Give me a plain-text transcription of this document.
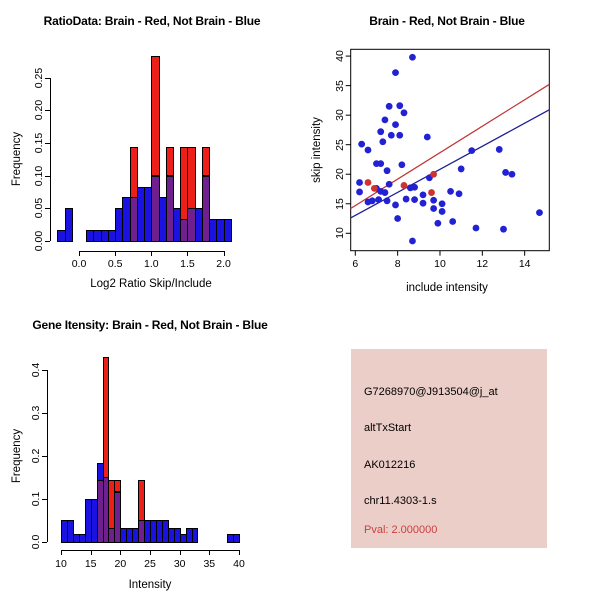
RatioData: Brain - Red, Not Brain - Blue
Frequency
Log2 Ratio Skip/Include
0.00
0.05
0.10
0.15
0.20
0.25
0.0	0.5	1.0	1.5	2.0
Brain - Red, Not Brain - Blue
skip intensity
include intensity
6	8	10	12	14
10
15
20
25
30
35
40
Gene Itensity: Brain - Red, Not Brain - Blue
Frequency
Intensity
0.0
0.1
0.2
0.3
0.4
10	15	20	25	30	35	40
G7268970@J913504@j_at
altTxStart
AK012216
chr11.4303-1.s
Pval: 2.000000
